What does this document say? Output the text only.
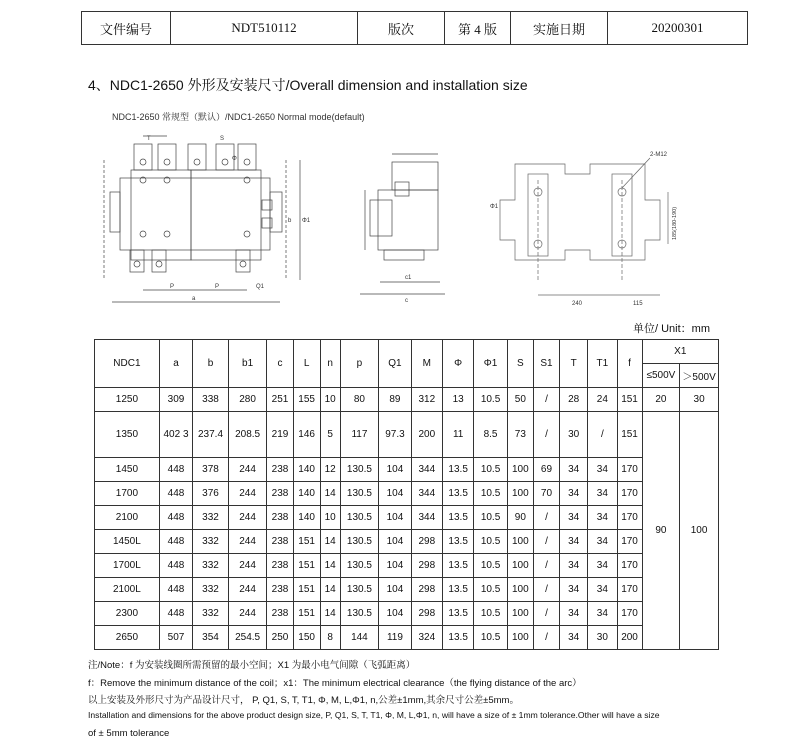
文件编号	NDT510112	版次	第 4 版	实施日期	20200301
4、NDC1-2650 外形及安装尺寸/Overall dimension and installation size
NDC1-2650 常规型（默认）/NDC1-2650 Normal mode(default)
T	S
Φ
Φ1
b
P	P	Q1
a
c1
c
2-M12
Φ1	185(180-190)
240	115
单位/ Unit：mm
NDC1	a	b	b1	c	L	n	p	Q1	M	Φ	Φ1	S	S1	T	T1	f	X1	
																	≤500V	＞500V
1250	309	338	280	251	155	10	80	89	312	13	10.5	50	/	28	24	151	20	30
1350	402 3	237.4	208.5	219	146	5	117	97.3	200	11	8.5	73	/	30	/	151	90	100
1450	448	378	244	238	140	12	130.5	104	344	13.5	10.5	100	69	34	34	170		
1700	448	376	244	238	140	14	130.5	104	344	13.5	10.5	100	70	34	34	170		
2100	448	332	244	238	140	10	130.5	104	344	13.5	10.5	90	/	34	34	170		
1450L	448	332	244	238	151	14	130.5	104	298	13.5	10.5	100	/	34	34	170		
1700L	448	332	244	238	151	14	130.5	104	298	13.5	10.5	100	/	34	34	170		
2100L	448	332	244	238	151	14	130.5	104	298	13.5	10.5	100	/	34	34	170		
2300	448	332	244	238	151	14	130.5	104	298	13.5	10.5	100	/	34	34	170		
2650	507	354	254.5	250	150	8	144	119	324	13.5	10.5	100	/	34	30	200		
注/Note：f 为安装线圈所需预留的最小空间；X1 为最小电气间隙（飞弧距离）
f：Remove the minimum distance of the coil；x1：The minimum electrical clearance（the flying distance of the arc）
以上安装及外形尺寸为产品设计尺寸， P, Q1, S, T, T1, Φ, M, L,Φ1, n,公差±1mm,其余尺寸公差±5mm。
Installation and dimensions for the above product design size, P, Q1, S, T, T1, Φ, M, L,Φ1, n, will have a size of ± 1mm tolerance.Other will have a size
of ± 5mm tolerance
